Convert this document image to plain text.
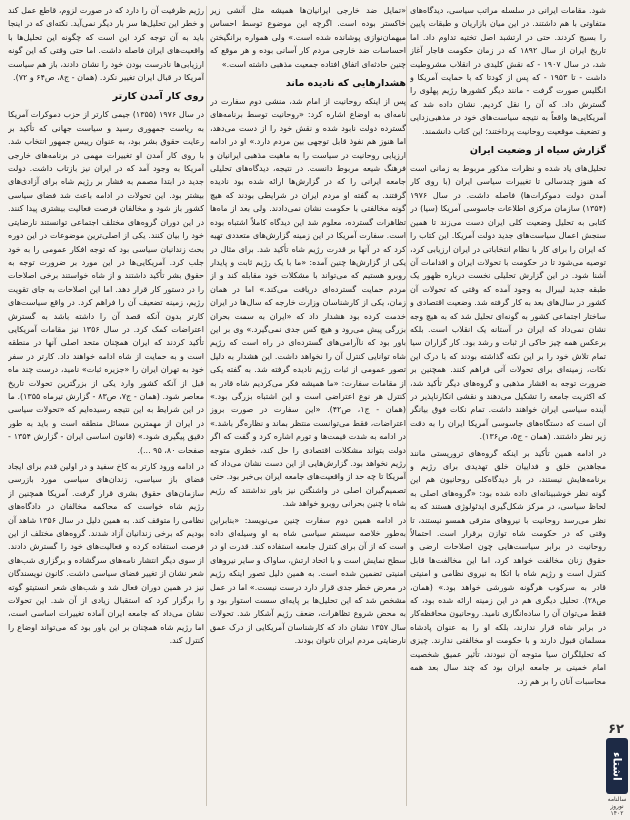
شود. مقامات ایرانی در سلسله مراتب سیاسی، دیدگاه‌های متفاوتی با هم داشتند. در این میان بازاریان و طبقات پایین را بسیج کردند. حتی در ارتشبد اصل تختیه تداوم داد. اما تاریخ ایران از سال ۱۸۹۲ که در زمان حکومت قاجار آغاز شد، در سال ۱۹۰۷ - که نقش کلیدی در انقلاب مشروطیت داشت - تا ۱۹۵۳ - که پس از کودتا که با حمایت آمریکا و انگلیس صورت گرفت - مانند دیگر کشورها رژیم پهلوی را گسترش داد. که آن را نقل کردیم. نشان داده شد که آمریکایی‌ها واقعاً به نتیجه سیاست‌های خود در مذهبی‌زدایی و تضعیف موقعیت روحانیت پرداختند؛ این کتاب دانشمند.

گزارش سیاه از وضعیت ایران

تحلیل‌های یاد شده و نظرات مذکور مربوط به زمانی است که هنوز چندسالی تا تغییرات سیاسی ایران (با روی کار آمدن دولت دموکرات‌ها) فاصله داشت. در سال ۱۹۷۶ (۱۳۵۴) سازمان مرکزی اطلاعات جاسوسی آمریکا (سیا) در کتابی به تحلیل وضعیت کلی ایران دست می‌زند تا همین سنجش اعمال سیاست‌های جدید دولت آمریکا. این کتاب را که ایران را برای کار با نظام انتخاباتی در ایران ارزیابی کرد، توصیه می‌شود تا در حکومت با تحولات ایران و اقدامات آن آشنا شود. در این گزارش تحلیلی نخست درباره ظهور یک طبقه جدید لیبرال به وجود آمده که وقتی که تحولات آن کشور در سال‌های بعد به کار گرفته شد. وضعیت اقتصادی و ساختار اجتماعی کشور به گونه‌ای تحلیل شد که به هیچ وجه نشان نمی‌داد که ایران در آستانه یک انقلاب است. بلکه برعکس همه چیز حاکی از ثبات و رشد بود. کار گزاران سیا تمام تلاش خود را بر این نکته گذاشته بودند که با درک این نکات، زمینه‌ای برای تحولات آتی فراهم کنند. همچنین بر ضرورت توجه به اقشار مذهبی و گروه‌های دیگر تأکید شد، که اکثریت جامعه را تشکیل می‌دهند و نقشی انکارناپذیر در آینده سیاسی ایران خواهند داشت. تمام نکات فوق بیانگر آن است که دستگاه‌های جاسوسی آمریکا ایران را به دقت زیر نظر داشتند. (همان - ج۵، ص۱۳۶).

در ادامه همین تأکید بر اینکه گروه‌های تروریستی مانند مجاهدین خلق و فداییان خلق تهدیدی برای رژیم و برنامه‌هایش نیستند، در بار دیدگاه‌کلی روحانیون هم این گونه نظر خوشبینانه‌ای داده شده بود: «گروه‌های اصلی به لحاظ سیاسی، در مرکز شکل‌گیری ایدئولوژی هستند که به نظر می‌رسد روحانیت با نیروهای مترقی همسو نیستند، تا وقتی که در حکومت شاه توازن برقرار است. احتمالاً روحانیت در برابر سیاست‌هایی چون اصلاحات ارضی و حقوق زنان مخالفت خواهد کرد، اما این مخالفت‌ها قابل کنترل است و رژیم شاه با اتکا به نیروی نظامی و امنیتی قادر به سرکوب هرگونه شورشی خواهد بود.» (همان، ص۲۸). تحلیل دیگری هم در این زمینه ارائه شده بود، که فقط می‌توان آن را ساده‌انگاری نامید. روحانیون محافظه‌کار در برابر شاه قرار ندارند، بلکه او را به عنوان پادشاه مسلمان قبول دارند و با حکومت او مخالفتی ندارند. چیزی که تحلیلگران سیا متوجه آن نبودند، تأثیر عمیق شخصیت امام خمینی بر جامعه ایران بود که چند سال بعد همه محاسبات آنان را بر هم زد.

«تمایل ضد خارجی ایرانیان‌ها همیشه مثل آتشی زیر خاکستر بوده است. اگرچه این موضوع توسط احساس میهمان‌نوازی پوشانده شده است.» ولی همواره برانگیختن احساسات ضد خارجی مردم کار آسانی بوده و هر موقع که چنین حادثه‌ای اتفاق افتاده جمعیت مذهبی داشته است.»

هشدارهایی که نادیده ماند

پس از اینکه روحانیت از امام شد، منشی دوم سفارت در نامه‌ای به اوضاع اشاره کرد: «روحانیت توسط برنامه‌های گسترده دولت نابود شده و نقش خود را از دست می‌دهد، اما هنوز هم نفوذ قابل توجهی بین مردم دارد.» او در ادامه ارزیابی روحانیت در سیاست را به ماهیت مذهبی ایرانیان و فرهنگ شیعه مربوط دانست. در نتیجه، دیدگاه‌های تحلیلی جامعه ایرانی را که در گزارش‌ها ارائه شده بود نادیده گرفتند. به گفته او مردم ایران در شرایطی بودند که هیچ گونه مخالفتی با حکومت نشان نمی‌دادند. ولی بعد از ماه‌ها تظاهرات گسترده، معلوم شد این دیدگاه کاملاً اشتباه بوده است. سفارت آمریکا در این زمینه گزارش‌های متعددی تهیه کرد که در آنها بر قدرت رژیم شاه تأکید شد. برای مثال در یکی از گزارش‌ها چنین آمده: «ما با یک رژیم ثابت و پایدار روبرو هستیم که می‌تواند با مشکلات خود مقابله کند و از مردم حمایت گسترده‌ای دریافت می‌کند.» اما در همان زمان، یکی از کارشناسان وزارت خارجه که سال‌ها در ایران خدمت کرده بود هشدار داد که «ایران به سمت بحران بزرگی پیش می‌رود و هیچ کس جدی نمی‌گیرد.» وی بر این باور بود که ناآرامی‌های گسترده‌ای در راه است که رژیم شاه توانایی کنترل آن را نخواهد داشت. این هشدار به دلیل تصور عمومی از ثبات رژیم نادیده گرفته شد. به گفته یکی از مقامات سفارت: «ما همیشه فکر می‌کردیم شاه قادر به کنترل هر نوع اعتراضی است و این اشتباه بزرگی بود.» (همان - ج۱، ص۴۲). «این سفارت در صورت بروز اعتراضات، فقط می‌توانست منتظر بماند و نظاره‌گر باشد.» در ادامه به شدت قیمت‌ها و تورم اشاره کرد و گفت که اگر دولت بتواند مشکلات اقتصادی را حل کند، خطری متوجه رژیم نخواهد بود. گزارش‌هایی از این دست نشان می‌داد که آمریکا تا چه حد از واقعیت‌های جامعه ایران بی‌خبر بود. حتی تصمیم‌گیران اصلی در واشنگتن نیز باور نداشتند که رژیم شاه با چنین بحرانی روبرو خواهد شد.

در ادامه همین دوم سفارت چنین می‌نویسد: «بنابراین به‌طور خلاصه سیستم سیاسی شاه به او وسیله‌ای داده است که از آن برای کنترل جامعه استفاده کند. قدرت او در سطح نمایش است و با اتحاد ارتش، ساواک و سایر نیروهای امنیتی تضمین شده است. به همین دلیل تصور اینکه رژیم در معرض خطر جدی قرار دارد درست نیست.» اما در عمل مشخص شد که این تحلیل‌ها بر پایه‌ای سست استوار بود و به محض شروع تظاهرات، ضعف رژیم آشکار شد. تحولات سال ۱۳۵۷ نشان داد که کارشناسان آمریکایی از درک عمق نارضایتی مردم ایران ناتوان بودند.

رژیم ظرفیت آن را دارد که در صورت لزوم، قاطع عمل کند و خطر این تحلیل‌ها سر بار دیگر نمی‌آید. نکته‌ای که در اینجا باید به آن توجه کرد این است که چگونه این تحلیل‌ها با واقعیت‌های ایران فاصله داشت. اما حتی وقتی که این گونه ارزیابی‌ها نادرست بودن خود را نشان دادند، باز هم سیاست آمریکا در قبال ایران تغییر نکرد. (همان - ج۸، ص۶۴ و ۷۲).

روی کار آمدن کارتر

در سال ۱۹۷۶ (۱۳۵۵) جیمی کارتر از حزب دموکرات آمریکا به ریاست جمهوری رسید و سیاست جهانی که تأکید بر رعایت حقوق بشر بود، به عنوان رییس جمهور انتخاب شد. با روی کار آمدن او تغییرات مهمی در برنامه‌های خارجی آمریکا به وجود آمد که در ایران نیز بازتاب داشت. دولت جدید در ابتدا مصمم به فشار بر رژیم شاه برای آزادی‌های بیشتر بود. این تحولات در ادامه باعث شد فضای سیاسی کشور باز شود و مخالفان فرصت فعالیت بیشتری پیدا کنند. در این دوران گروه‌های مختلف اجتماعی توانستند نارضایتی خود را بیان کنند. یکی از اصلی‌ترین موضوعات در این دوره بحث زندانیان سیاسی بود که توجه افکار عمومی را به خود جلب کرد. آمریکایی‌ها در این مورد بر ضرورت توجه به حقوق بشر تأکید داشتند و از شاه خواستند برخی اصلاحات را در دستور کار قرار دهد. اما این اصلاحات به جای تقویت رژیم، زمینه تضعیف آن را فراهم کرد. در واقع سیاست‌های کارتر بدون آنکه قصد آن را داشته باشد به گسترش اعتراضات کمک کرد. در سال ۱۳۵۶ نیز مقامات آمریکایی تأکید کردند که ایران همچنان متحد اصلی آنها در منطقه است و به حمایت از شاه ادامه خواهند داد. کارتر در سفر خود به تهران ایران را «جزیره ثبات» نامید، درست چند ماه قبل از آنکه کشور وارد یکی از بزرگترین تحولات تاریخ معاصر شود. (همان - ج۷، ص۸۳ - گزارش تیرماه ۱۳۵۵). ما در این شرایط به این نتیجه رسیده‌ایم که «تحولات سیاسی در ایران از مهمترین مسائل منطقه است و باید به طور دقیق پیگیری شود.» (قانون اساسی ایران - گزارش ۱۳۵۴ - صفحات ۸۰، ۹۵ ...).

در ادامه ورود کارتر به کاخ سفید و در اولین قدم برای ایجاد فضای باز سیاسی، زندان‌های سیاسی مورد بازرسی سازمان‌های حقوق بشری قرار گرفت. آمریکا همچنین از رژیم شاه خواست که محاکمه مخالفان در دادگاه‌های نظامی را متوقف کند. به همین دلیل در سال ۱۳۵۶ شاهد آن بودیم که برخی زندانیان آزاد شدند. گروه‌های مختلف از این فرصت استفاده کرده و فعالیت‌های خود را گسترش دادند. از سوی دیگر انتشار نامه‌های سرگشاده و برگزاری شب‌های شعر نشان از تغییر فضای سیاسی داشت. کانون نویسندگان نیز در همین دوران فعال شد و شب‌های شعر انستیتو گوته را برگزار کرد که استقبال زیادی از آن شد. این تحولات نشان می‌داد که جامعه ایران آماده تغییرات اساسی است، اما رژیم شاه همچنان بر این باور بود که می‌تواند اوضاع را کنترل کند.

۶۲
اشتاء
سالنامه نوروز ۱۴۰۲
